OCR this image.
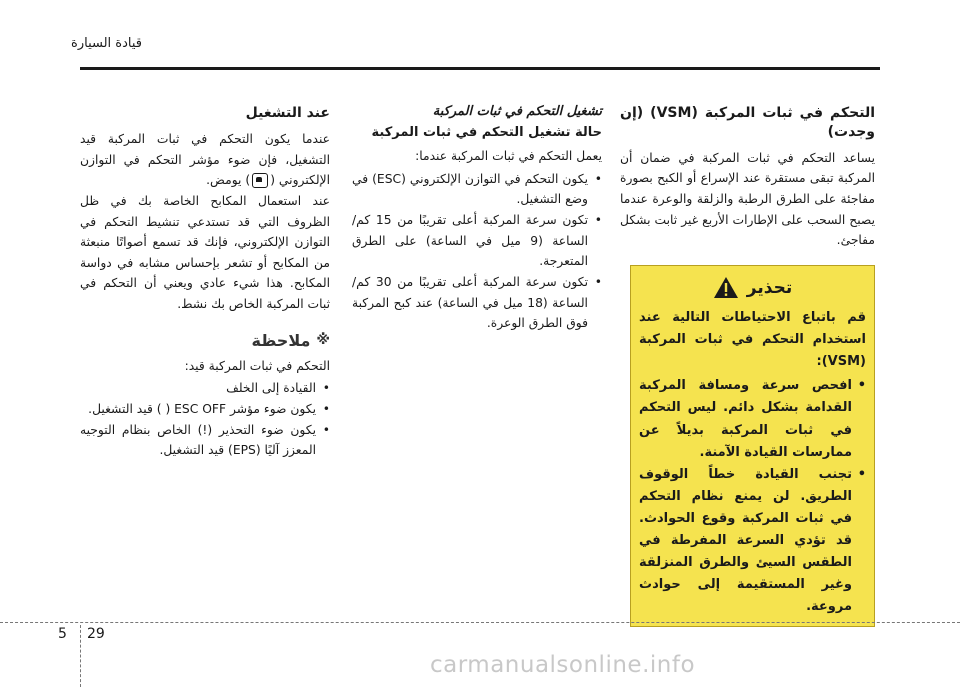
قيادة السيارة

التحكم في ثبات المركبة (VSM) (إن وجدت)

يساعد التحكم في ثبات المركبة في ضمان أن المركبة تبقى مستقرة عند الإسراع أو الكبح بصورة مفاجئة على الطرق الرطبة والزلقة والوعرة عندما يصبح السحب على الإطارات الأربع غير ثابت بشكل مفاجئ.

تحذير

قم باتباع الاحتياطات التالية عند استخدام التحكم في ثبات المركبة (VSM):

• افحص سرعة ومسافة المركبة القدامة بشكل دائم. ليس التحكم في ثبات المركبة بديلاً عن ممارسات القيادة الآمنة.
• تجنب القيادة خطاً الوقوف الطريق. لن يمنع نظام التحكم في ثبات المركبة وقوع الحوادث. قد تؤدي السرعة المفرطة في الطقس السيئ والطرق المنزلقة وغير المستقيمة إلى حوادث مروعة.

تشغيل التحكم في ثبات المركبة

حالة تشغيل التحكم في ثبات المركبة

يعمل التحكم في ثبات المركبة عندما:

• يكون التحكم في التوازن الإلكتروني (ESC) في وضع التشغيل.
• تكون سرعة المركبة أعلى تقريبًا من 15 كم/ الساعة (9 ميل في الساعة) على الطرق المتعرجة.
• تكون سرعة المركبة أعلى تقريبًا من 30 كم/ الساعة (18 ميل في الساعة) عند كبح المركبة فوق الطرق الوعرة.

عند التشغيل

عندما يكون التحكم في ثبات المركبة قيد التشغيل، فإن ضوء مؤشر التحكم في التوازن الإلكتروني () يومض.

عند استعمال المكابح الخاصة بك في ظل الظروف التي قد تستدعي تنشيط التحكم في التوازن الإلكتروني، فإنك قد تسمع أصواتًا منبعثة من المكابح أو تشعر بإحساس مشابه في دواسة المكابح. هذا شيء عادي ويعني أن التحكم في ثبات المركبة الخاص بك نشط.

※
ملاحظة

التحكم في ثبات المركبة قيد:

• القيادة إلى الخلف
• يكون ضوء مؤشر ESC OFF ( ) قيد التشغيل.
• يكون ضوء التحذير (!) الخاص بنظام التوجيه المعزز آليًا (EPS) قيد التشغيل.
5 29
carmanualsonline.info
